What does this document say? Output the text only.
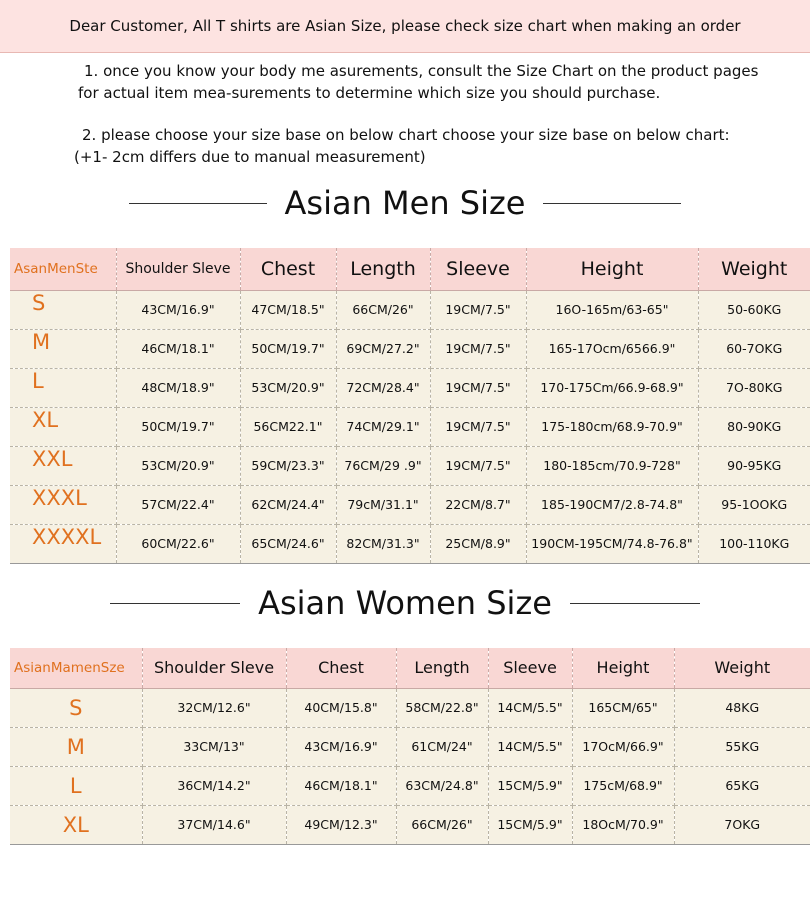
Dear Customer, All T shirts are Asian Size, please check size chart when making an order
1. once you know your body me asurements, consult the Size Chart on the product pages
for actual item mea-surements to determine which size you should purchase.
2. please choose your size base on below chart choose your size base on below chart:
(+1- 2cm differs due to manual measurement)
Asian Men Size
AsanMenSte	Shoulder Sleve	Chest	Length	Sleeve	Height	Weight
S	43CM/16.9"	47CM/18.5"	66CM/26"	19CM/7.5"	16O-165m/63-65"	50-60KG
M	46CM/18.1"	50CM/19.7"	69CM/27.2"	19CM/7.5"	165-17Ocm/6566.9"	60-7OKG
L	48CM/18.9"	53CM/20.9"	72CM/28.4"	19CM/7.5"	170-175Cm/66.9-68.9"	7O-80KG
XL	50CM/19.7"	56CM22.1"	74CM/29.1"	19CM/7.5"	175-180cm/68.9-70.9"	80-90KG
XXL	53CM/20.9"	59CM/23.3"	76CM/29 .9"	19CM/7.5"	180-185cm/70.9-728"	90-95KG
XXXL	57CM/22.4"	62CM/24.4"	79cM/31.1"	22CM/8.7"	185-190CM7/2.8-74.8"	95-1OOKG
XXXXL	60CM/22.6"	65CM/24.6"	82CM/31.3"	25CM/8.9"	190CM-195CM/74.8-76.8"	100-110KG
Asian Women Size
AsianMamenSze	Shoulder Sleve	Chest	Length	Sleeve	Height	Weight
S	32CM/12.6"	40CM/15.8"	58CM/22.8"	14CM/5.5"	165CM/65"	48KG
M	33CM/13"	43CM/16.9"	61CM/24"	14CM/5.5"	17OcM/66.9"	55KG
L	36CM/14.2"	46CM/18.1"	63CM/24.8"	15CM/5.9"	175cM/68.9"	65KG
XL	37CM/14.6"	49CM/12.3"	66CM/26"	15CM/5.9"	18OcM/70.9"	7OKG
